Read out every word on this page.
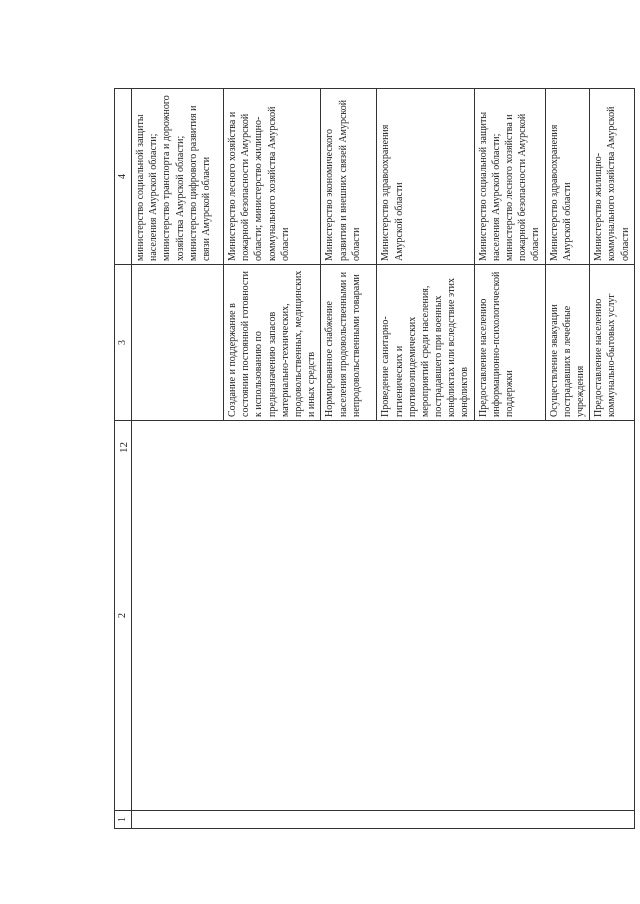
12
1	2	3	4
			министерство социальной защиты населения Амурской области; министерство транспорта и дорожного хозяйства Амурской области; министерство цифрового развития и связи Амурской области
		Создание и поддержание в состоянии постоянной готовности к использованию по предназначению запасов материально-технических, продовольственных, медицинских и иных средств	Министерство лесного хозяйства и пожарной безопасности Амурской области; министерство жилищно-коммунального хозяйства Амурской области
		Нормированное снабжение населения продовольственными и непродовольственными товарами	Министерство экономического развития и внешних связей Амурской области
		Проведение санитарно-гигиенических и противоэпидемических мероприятий среди населения, пострадавшего при военных конфликтах или вследствие этих конфликтов	Министерство здравоохранения Амурской области
		Предоставление населению информационно-психологической поддержки	Министерство социальной защиты населения Амурской области; министерство лесного хозяйства и пожарной безопасности Амурской области
		Осуществление эвакуации пострадавших в лечебные учреждения	Министерство здравоохранения Амурской области
		Предоставление населению коммунально-бытовых услуг	Министерство жилищно-коммунального хозяйства Амурской области
